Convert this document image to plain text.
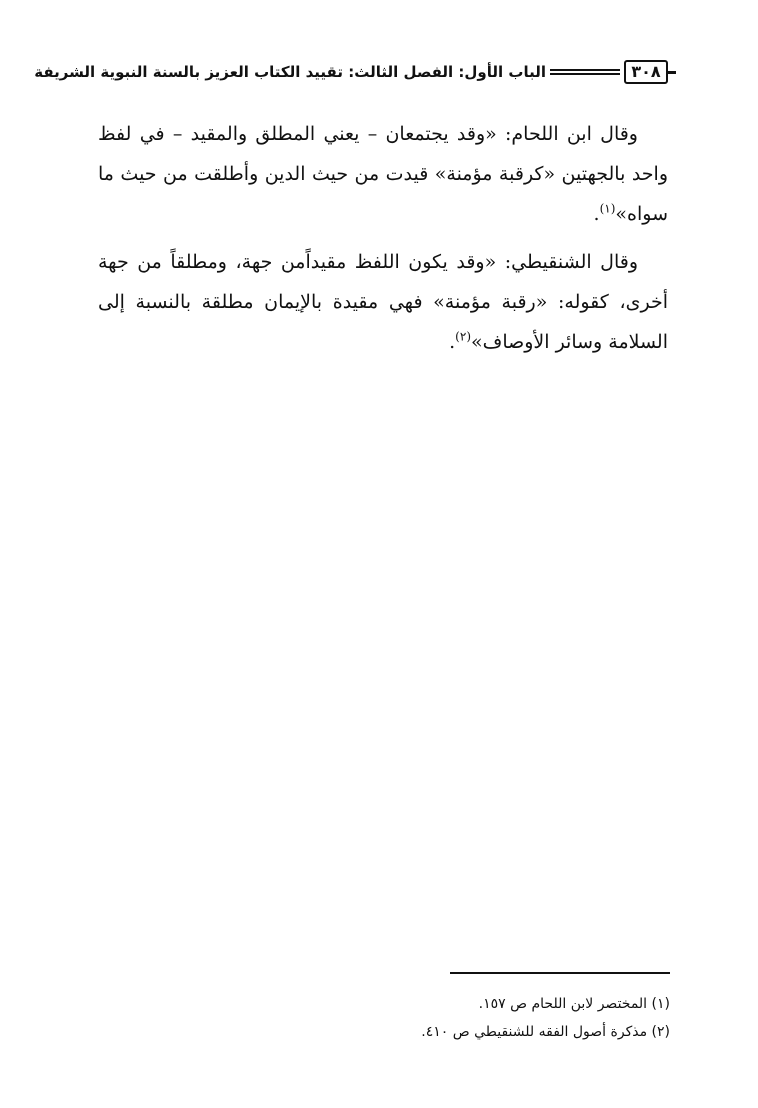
٣٠٨
الباب الأول: الفصل الثالث: تقييد الكتاب العزيز بالسنة النبوية الشريفة

وقال ابن اللحام: «وقد يجتمعان – يعني المطلق والمقيد – في لفظ واحد بالجهتين «كرقبة مؤمنة» قيدت من حيث الدين وأطلقت من حيث ما سواه»$^{(١)}$.

وقال الشنقيطي: «وقد يكون اللفظ مقيداًمن جهة، ومطلقاً من جهة أخرى، كقوله: «رقبة مؤمنة» فهي مقيدة بالإيمان مطلقة بالنسبة إلى السلامة وسائر الأوصاف»$^{(٢)}$.

(١) المختصر لابن اللحام ص ١٥٧.
(٢) مذكرة أصول الفقه للشنقيطي ص ٤١٠.
